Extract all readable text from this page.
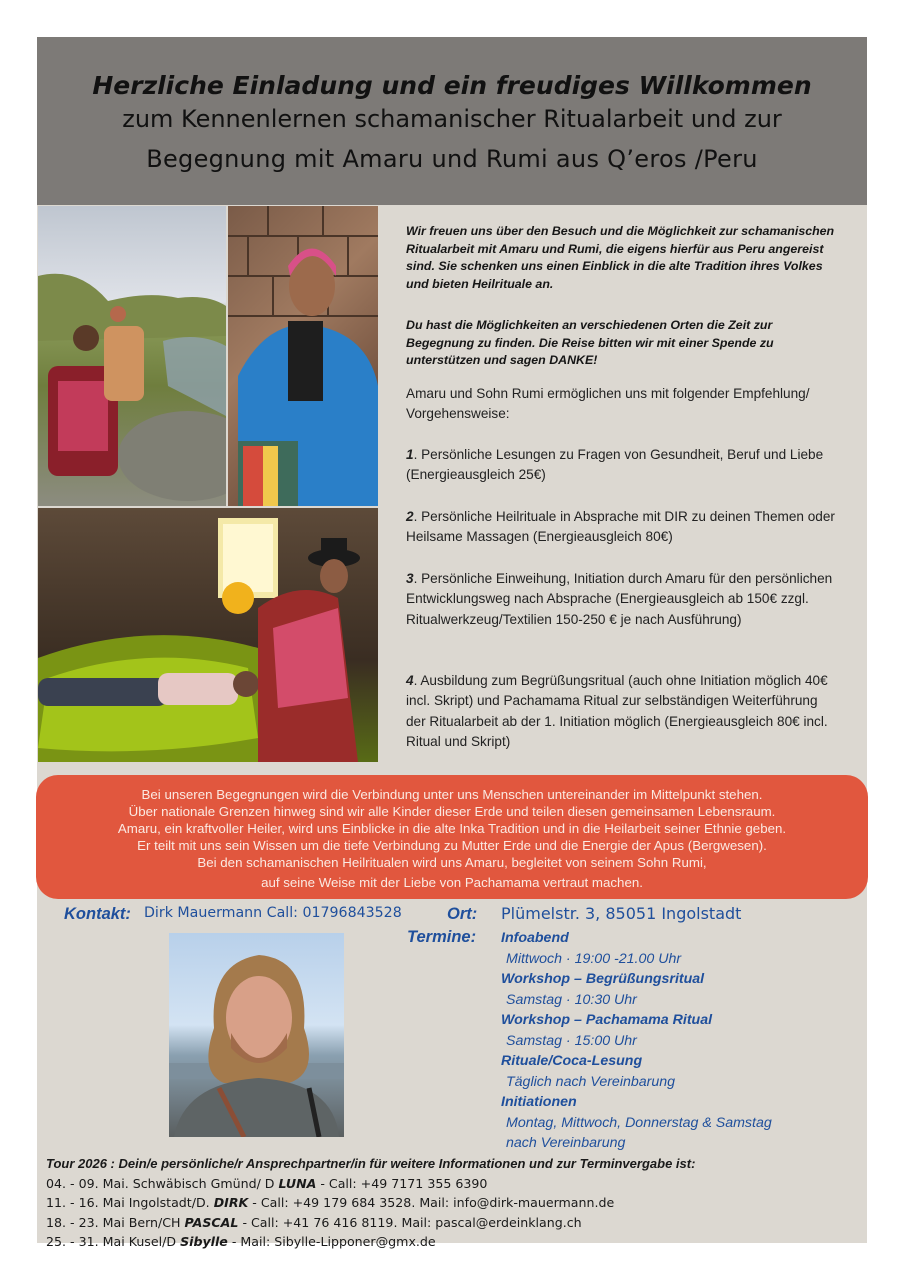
Herzliche Einladung und ein freudiges Willkommen
zum Kennenlernen schamanischer Ritualarbeit und zur
Begegnung mit Amaru und Rumi aus Q’eros /Peru
Wir freuen uns über den Besuch und die Möglichkeit zur schamanischen Ritualarbeit mit Amaru und Rumi, die eigens hierfür aus Peru angereist sind. Sie schenken uns einen Einblick in die alte Tradition ihres Volkes und bieten Heilrituale an.
Du hast die Möglichkeiten an verschiedenen Orten die Zeit zur Begegnung zu finden. Die Reise bitten wir mit einer Spende zu unterstützen und sagen DANKE!
Amaru und Sohn Rumi ermöglichen uns mit folgender Empfehlung/ Vorgehensweise:
1. Persönliche Lesungen zu Fragen von Gesundheit, Beruf und Liebe (Energieausgleich 25€)
2. Persönliche Heilrituale in Absprache mit DIR zu deinen Themen oder Heilsame Massagen (Energieausgleich 80€)
3. Persönliche Einweihung, Initiation durch Amaru für den persönlichen Entwicklungsweg nach Absprache (Energieausgleich ab 150€ zzgl. Ritualwerkzeug/Textilien 150-250 € je nach Ausführung)
4. Ausbildung zum Begrüßungsritual (auch ohne Initiation möglich 40€ incl. Skript) und Pachamama Ritual zur selbständigen Weiterführung der Ritualarbeit ab der 1. Initiation möglich (Energieausgleich 80€ incl. Ritual und Skript)

Bei unseren Begegnungen wird die Verbindung unter uns Menschen untereinander im Mittelpunkt stehen.

Über nationale Grenzen hinweg sind wir alle Kinder dieser Erde und teilen diesen gemeinsamen Lebensraum.

Amaru, ein kraftvoller Heiler, wird uns Einblicke in die alte Inka Tradition und in die Heilarbeit seiner Ethnie geben.

Er teilt mit uns sein Wissen um die tiefe Verbindung zu Mutter Erde und die Energie der Apus (Bergwesen).

Bei den schamanischen Heilritualen wird uns Amaru, begleitet von seinem Sohn Rumi,

auf seine Weise mit der Liebe von Pachamama vertraut machen.

Kontakt: Dirk Mauermann Call: 01796843528	Ort: Plümelstr. 3, 85051 Ingolstadt
Termine: Infoabend
Mittwoch · 19:00 -21.00 Uhr
Workshop – Begrüßungsritual
Samstag · 10:30 Uhr
Workshop – Pachamama Ritual
Samstag · 15:00 Uhr
Rituale/Coca-Lesung
Täglich nach Vereinbarung
Initiationen
Montag, Mittwoch, Donnerstag & Samstag
nach Vereinbarung
Tour 2026 : Dein/e persönliche/r Ansprechpartner/in für weitere Informationen und zur Terminvergabe ist:
04. - 09. Mai. Schwäbisch Gmünd/ D LUNA - Call: +49 7171 355 6390
11. - 16. Mai Ingolstadt/D. DIRK - Call: +49 179 684 3528. Mail: info@dirk-mauermann.de
18. - 23. Mai Bern/CH PASCAL - Call: +41 76 416 8119. Mail: pascal@erdeinklang.ch
25. - 31. Mai Kusel/D Sibylle - Mail: Sibylle-Lipponer@gmx.de
